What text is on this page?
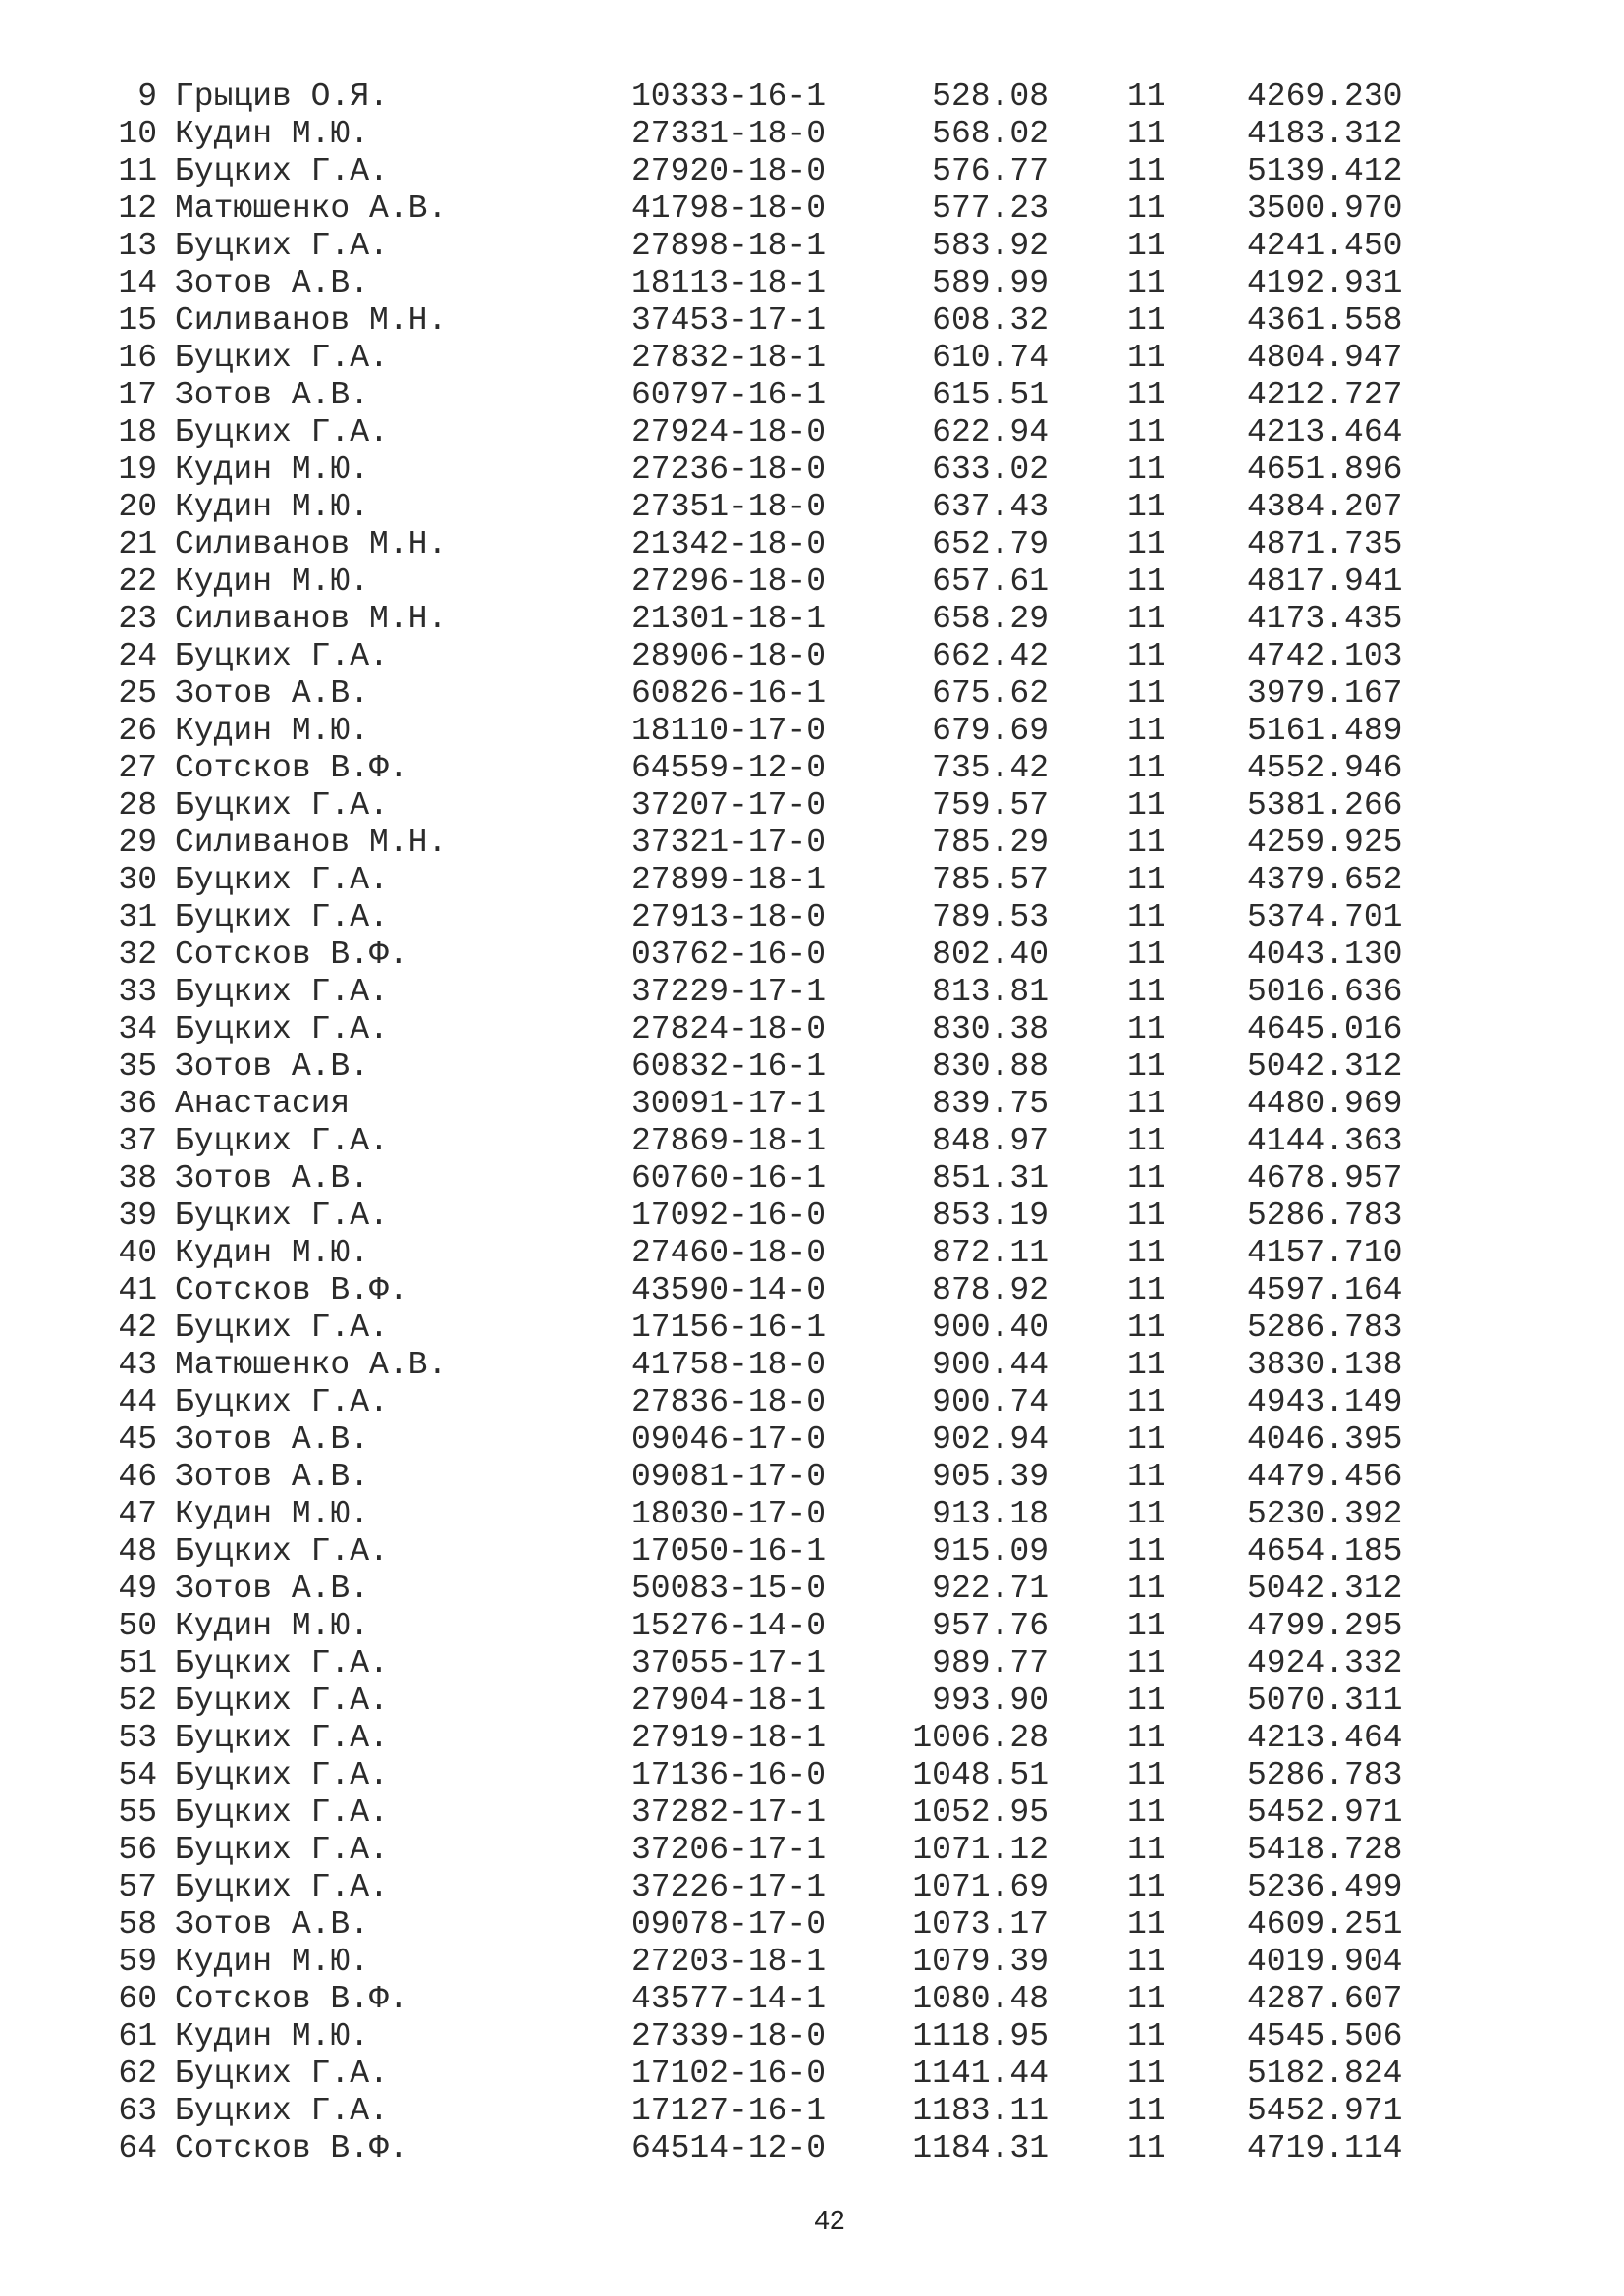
9 Грыцив О.Я.	10333-16-1	528.08 11 4269.230
10 Кудин М.Ю.	27331-18-0	568.02 11 4183.312
11 Буцких Г.А.	27920-18-0	576.77 11 5139.412
12 Матюшенко А.В.	41798-18-0	577.23 11 3500.970
13 Буцких Г.А.	27898-18-1	583.92 11 4241.450
14 Зотов А.В.	18113-18-1	589.99 11 4192.931
15 Силиванов М.Н.	37453-17-1	608.32 11 4361.558
16 Буцких Г.А.	27832-18-1	610.74 11 4804.947
17 Зотов А.В.	60797-16-1	615.51 11 4212.727
18 Буцких Г.А.	27924-18-0	622.94 11 4213.464
19 Кудин М.Ю.	27236-18-0	633.02 11 4651.896
20 Кудин М.Ю.	27351-18-0	637.43 11 4384.207
21 Силиванов М.Н.	21342-18-0	652.79 11 4871.735
22 Кудин М.Ю.	27296-18-0	657.61 11 4817.941
23 Силиванов М.Н.	21301-18-1	658.29 11 4173.435
24 Буцких Г.А.	28906-18-0	662.42 11 4742.103
25 Зотов А.В.	60826-16-1	675.62 11 3979.167
26 Кудин М.Ю.	18110-17-0	679.69 11 5161.489
27 Сотсков В.Ф.	64559-12-0	735.42 11 4552.946
28 Буцких Г.А.	37207-17-0	759.57 11 5381.266
29 Силиванов М.Н.	37321-17-0	785.29 11 4259.925
30 Буцких Г.А.	27899-18-1	785.57 11 4379.652
31 Буцких Г.А.	27913-18-0	789.53 11 5374.701
32 Сотсков В.Ф.	03762-16-0	802.40 11 4043.130
33 Буцких Г.А.	37229-17-1	813.81 11 5016.636
34 Буцких Г.А.	27824-18-0	830.38 11 4645.016
35 Зотов А.В.	60832-16-1	830.88 11 5042.312
36 Анастасия	30091-17-1	839.75 11 4480.969
37 Буцких Г.А.	27869-18-1	848.97 11 4144.363
38 Зотов А.В.	60760-16-1	851.31 11 4678.957
39 Буцких Г.А.	17092-16-0	853.19 11 5286.783
40 Кудин М.Ю.	27460-18-0	872.11 11 4157.710
41 Сотсков В.Ф.	43590-14-0	878.92 11 4597.164
42 Буцких Г.А.	17156-16-1	900.40 11 5286.783
43 Матюшенко А.В.	41758-18-0	900.44 11 3830.138
44 Буцких Г.А.	27836-18-0	900.74 11 4943.149
45 Зотов А.В.	09046-17-0	902.94 11 4046.395
46 Зотов А.В.	09081-17-0	905.39 11 4479.456
47 Кудин М.Ю.	18030-17-0	913.18 11 5230.392
48 Буцких Г.А.	17050-16-1	915.09 11 4654.185
49 Зотов А.В.	50083-15-0	922.71 11 5042.312
50 Кудин М.Ю.	15276-14-0	957.76 11 4799.295
51 Буцких Г.А.	37055-17-1	989.77 11 4924.332
52 Буцких Г.А.	27904-18-1	993.90 11 5070.311
53 Буцких Г.А.	27919-18-1	1006.28 11 4213.464
54 Буцких Г.А.	17136-16-0	1048.51 11 5286.783
55 Буцких Г.А.	37282-17-1	1052.95 11 5452.971
56 Буцких Г.А.	37206-17-1	1071.12 11 5418.728
57 Буцких Г.А.	37226-17-1	1071.69 11 5236.499
58 Зотов А.В.	09078-17-0	1073.17 11 4609.251
59 Кудин М.Ю.	27203-18-1	1079.39 11 4019.904
60 Сотсков В.Ф.	43577-14-1	1080.48 11 4287.607
61 Кудин М.Ю.	27339-18-0	1118.95 11 4545.506
62 Буцких Г.А.	17102-16-0	1141.44 11 5182.824
63 Буцких Г.А.	17127-16-1	1183.11 11 5452.971
64 Сотсков В.Ф.	64514-12-0	1184.31 11 4719.114
42
